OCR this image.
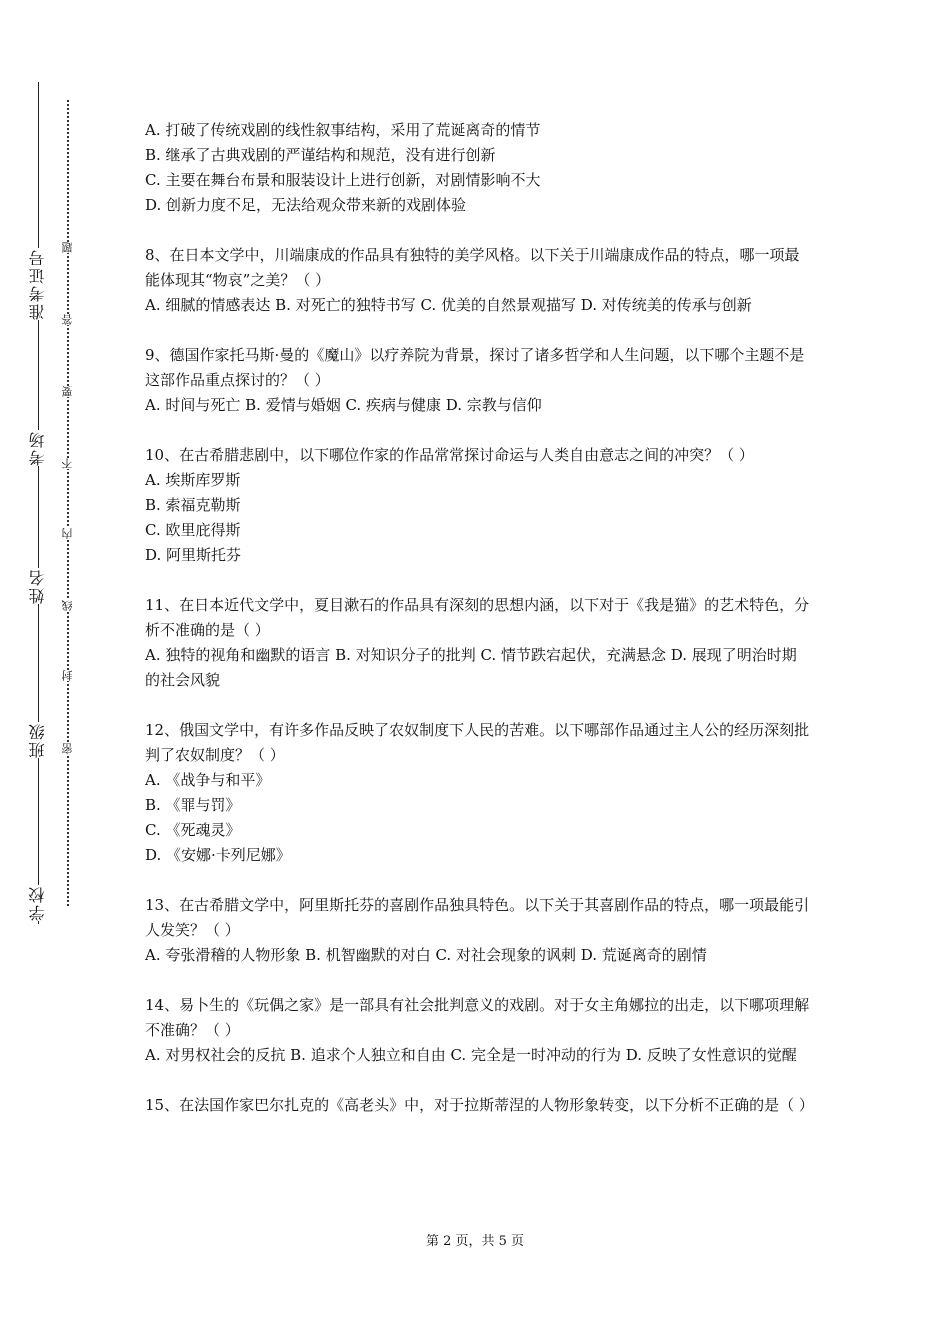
学校
班级
姓名
考场
准考证号
密
封
线
内
不
要
答
题

A. 打破了传统戏剧的线性叙事结构，采用了荒诞离奇的情节

B. 继承了古典戏剧的严谨结构和规范，没有进行创新

C. 主要在舞台布景和服装设计上进行创新，对剧情影响不大

D. 创新力度不足，无法给观众带来新的戏剧体验

8、在日本文学中，川端康成的作品具有独特的美学风格。以下关于川端康成作品的特点，哪一项最能体现其“物哀”之美？（ ）

A. 细腻的情感表达 B. 对死亡的独特书写 C. 优美的自然景观描写 D. 对传统美的传承与创新

9、德国作家托马斯·曼的《魔山》以疗养院为背景，探讨了诸多哲学和人生问题，以下哪个主题不是这部作品重点探讨的？（ ）

A. 时间与死亡 B. 爱情与婚姻 C. 疾病与健康 D. 宗教与信仰

10、在古希腊悲剧中，以下哪位作家的作品常常探讨命运与人类自由意志之间的冲突？（ ）

A. 埃斯库罗斯

B. 索福克勒斯

C. 欧里庇得斯

D. 阿里斯托芬

11、在日本近代文学中，夏目漱石的作品具有深刻的思想内涵，以下对于《我是猫》的艺术特色，分析不准确的是（ ）

A. 独特的视角和幽默的语言 B. 对知识分子的批判 C. 情节跌宕起伏，充满悬念 D. 展现了明治时期的社会风貌

12、俄国文学中，有许多作品反映了农奴制度下人民的苦难。以下哪部作品通过主人公的经历深刻批判了农奴制度？（ ）

A. 《战争与和平》

B. 《罪与罚》

C. 《死魂灵》

D. 《安娜·卡列尼娜》

13、在古希腊文学中，阿里斯托芬的喜剧作品独具特色。以下关于其喜剧作品的特点，哪一项最能引人发笑？（ ）

A. 夸张滑稽的人物形象 B. 机智幽默的对白 C. 对社会现象的讽刺 D. 荒诞离奇的剧情

14、易卜生的《玩偶之家》是一部具有社会批判意义的戏剧。对于女主角娜拉的出走，以下哪项理解不准确？（ ）

A. 对男权社会的反抗 B. 追求个人独立和自由 C. 完全是一时冲动的行为 D. 反映了女性意识的觉醒

15、在法国作家巴尔扎克的《高老头》中，对于拉斯蒂涅的人物形象转变，以下分析不正确的是（ ）

第 2 页，共 5 页
